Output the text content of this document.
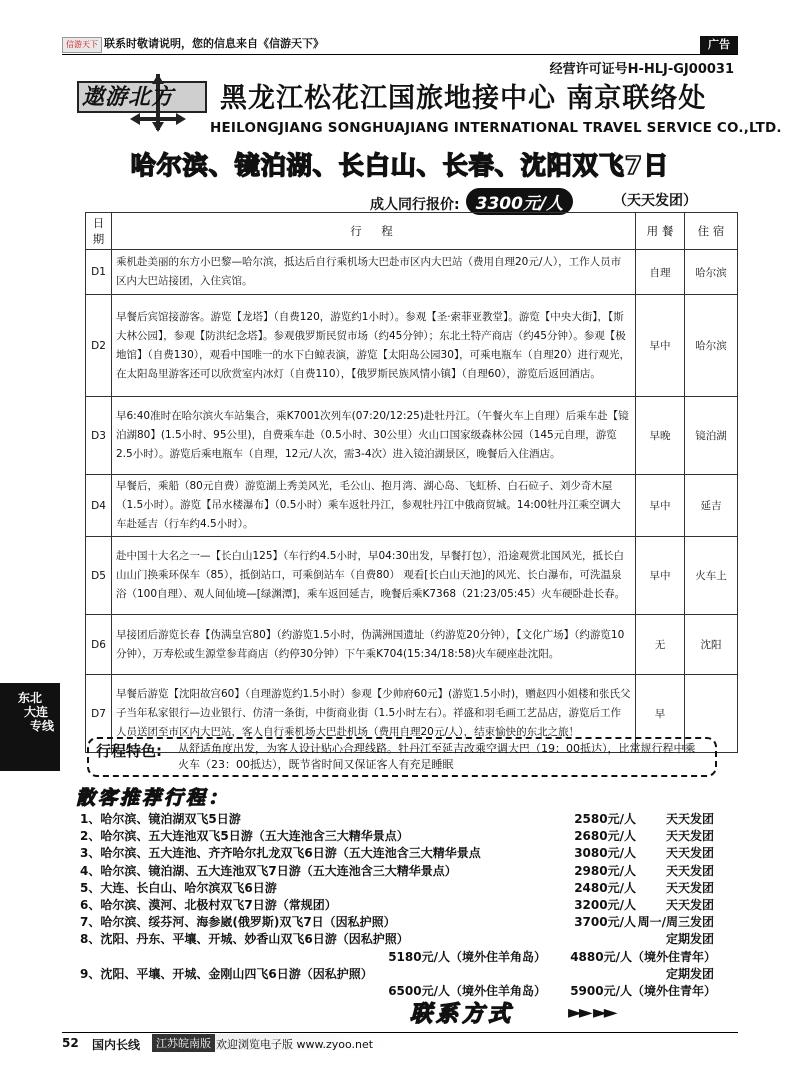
信游天下 联系时敬请说明，您的信息来自《信游天下》	广告
经营许可证号H-HLJ-GJ00031
遨游北方 黑龙江松花江国旅地接中心 南京联络处
HEILONGJIANG SONGHUAJIANG INTERNATIONAL TRAVEL SERVICE CO.,LTD.
哈尔滨、镜泊湖、长白山、长春、沈阳双飞7日
成人同行报价: 3300元/人	（天天发团）
日期	行　程	用 餐	住 宿
D1	乘机赴美丽的东方小巴黎—哈尔滨，抵达后自行乘机场大巴赴市区内大巴站（费用自理20元/人），工作人员市区内大巴站接团，入住宾馆。	自理	哈尔滨
D2	早餐后宾馆接游客。游览【龙塔】（自费120，游览约1小时）。参观【圣·索菲亚教堂】。游览【中央大街】，【斯大林公园】，参观【防洪纪念塔】。参观俄罗斯民贸市场（约45分钟）；东北土特产商店（约45分钟）。参观【极地馆】（自费130），观看中国唯一的水下白鲸表演，游览【太阳岛公园30】，可乘电瓶车（自理20）进行观光，在太阳岛里游客还可以欣赏室内冰灯（自费110），【俄罗斯民族风情小镇】（自理60），游览后返回酒店。	早中	哈尔滨
D3	早6:40准时在哈尔滨火车站集合，乘K7001次列车(07:20/12:25)赴牡丹江。（午餐火车上自理）后乘车赴【镜泊湖80】(1.5小时、95公里)，自费乘车赴（0.5小时、30公里）火山口国家级森林公园（145元自理，游览2.5小时）。游览后乘电瓶车（自理，12元/人次，需3-4次）进入镜泊湖景区，晚餐后入住酒店。	早晚	镜泊湖
D4	早餐后，乘船（80元自费）游览湖上秀美风光，毛公山、抱月湾、湖心岛、飞虹桥、白石砬子、刘少奇木屋（1.5小时）。游览【吊水楼瀑布】（0.5小时）乘车返牡丹江，参观牡丹江中俄商贸城。14:00牡丹江乘空调大车赴延吉（行车约4.5小时）。	早中	延吉
D5	赴中国十大名之一—【长白山125】（车行约4.5小时，早04:30出发，早餐打包），沿途观赏北国风光，抵长白山山门换乘环保车（85），抵倒站口，可乘倒站车（自费80） 观看[长白山天池]的风光、长白瀑布，可洗温泉浴（100自理）、观人间仙境—[绿渊潭]，乘车返回延吉，晚餐后乘K7368（21:23/05:45）火车硬卧赴长春。	早中	火车上
D6	早接团后游览长春【伪满皇宫80】（约游览1.5小时，伪满洲国遗址（约游览20分钟），【文化广场】（约游览10分钟），万寿松或生源堂参茸商店（约停30分钟）下午乘K704(15:34/18:58)火车硬座赴沈阳。	无	沈阳
D7	早餐后游览【沈阳故宫60】（自理游览约1.5小时）参观【少帅府60元】(游览1.5小时)，赠赵四小姐楼和张氏父子当年私家银行—边业银行、仿清一条街，中街商业街（1.5小时左右）。祥盛和羽毛画工艺品店，游览后工作人员送团至市区内大巴站，客人自行乘机场大巴赴机场（费用自理20元/人），结束愉快的东北之旅！	早	
行程特色: 从舒适角度出发，为客人设计贴心合理线路。牡丹江至延吉改乘空调大巴（19：00抵达），比常规行程中乘火车（23：00抵达），既节省时间又保证客人有充足睡眠
散客推荐行程：
1、哈尔滨、镜泊湖双飞5日游	2580元/人 天天发团
2、哈尔滨、五大连池双飞5日游（五大连池含三大精华景点）	2680元/人 天天发团
3、哈尔滨、五大连池、齐齐哈尔扎龙双飞6日游（五大连池含三大精华景点	3080元/人 天天发团
4、哈尔滨、镜泊湖、五大连池双飞7日游（五大连池含三大精华景点）	2980元/人 天天发团
5、大连、长白山、哈尔滨双飞6日游	2480元/人 天天发团
6、哈尔滨、漠河、北极村双飞7日游（常规团）	3200元/人 天天发团
7、哈尔滨、绥芬河、海参崴(俄罗斯)双飞7日（因私护照）	3700元/人 周一/周三发团
8、沈阳、丹东、平壤、开城、妙香山双飞6日游（因私护照）	定期发团
5180元/人（境外住羊角岛） 4880元/人（境外住青年）
9、沈阳、平壤、开城、金刚山四飞6日游（因私护照）	定期发团
6500元/人（境外住羊角岛） 5900元/人（境外住青年）
联系方式	►► ►►
东北
大连
专线
52 国内长线	江苏皖南版 欢迎浏览电子版 www.zyoo.net
